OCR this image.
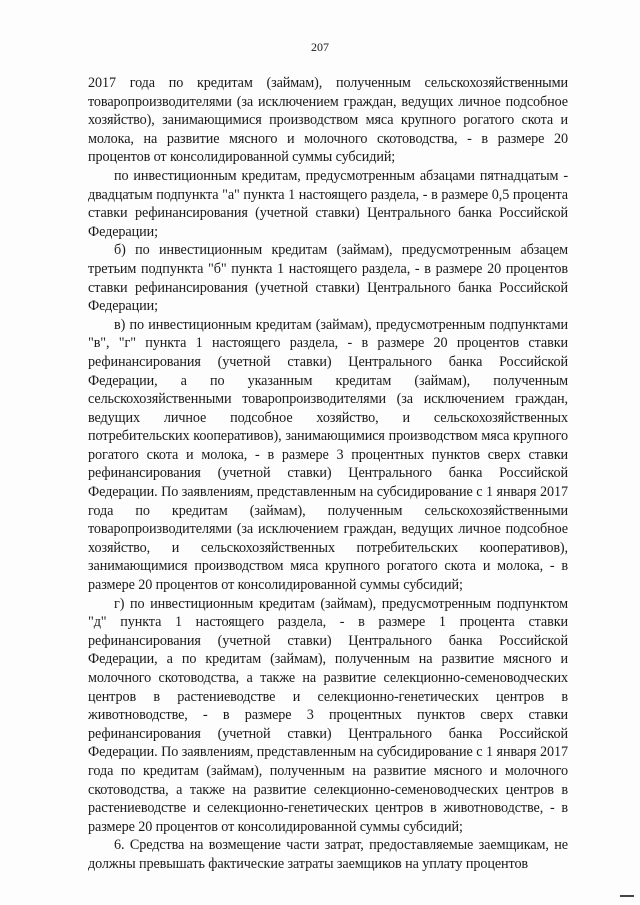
207

2017 года по кредитам (займам), полученным сельскохозяйственными товаропроизводителями (за исключением граждан, ведущих личное подсобное хозяйство), занимающимися производством мяса крупного рогатого скота и молока, на развитие мясного и молочного скотоводства, - в размере 20 процентов от консолидированной суммы субсидий;

по инвестиционным кредитам, предусмотренным абзацами пятнадцатым - двадцатым подпункта "а" пункта 1 настоящего раздела, - в размере 0,5 процента ставки рефинансирования (учетной ставки) Центрального банка Российской Федерации;

б) по инвестиционным кредитам (займам), предусмотренным абзацем третьим подпункта "б" пункта 1 настоящего раздела, - в размере 20 процентов ставки рефинансирования (учетной ставки) Центрального банка Российской Федерации;

в) по инвестиционным кредитам (займам), предусмотренным подпунктами "в", "г" пункта 1 настоящего раздела, - в размере 20 процентов ставки рефинансирования (учетной ставки) Центрального банка Российской Федерации, а по указанным кредитам (займам), полученным сельскохозяйственными товаропроизводителями (за исключением граждан, ведущих личное подсобное хозяйство, и сельскохозяйственных потребительских кооперативов), занимающимися производством мяса крупного рогатого скота и молока, - в размере 3 процентных пунктов сверх ставки рефинансирования (учетной ставки) Центрального банка Российской Федерации. По заявлениям, представленным на субсидирование с 1 января 2017 года по кредитам (займам), полученным сельскохозяйственными товаропроизводителями (за исключением граждан, ведущих личное подсобное хозяйство, и сельскохозяйственных потребительских кооперативов), занимающимися производством мяса крупного рогатого скота и молока, - в размере 20 процентов от консолидированной суммы субсидий;

г) по инвестиционным кредитам (займам), предусмотренным подпунктом "д" пункта 1 настоящего раздела, - в размере 1 процента ставки рефинансирования (учетной ставки) Центрального банка Российской Федерации, а по кредитам (займам), полученным на развитие мясного и молочного скотоводства, а также на развитие селекционно-семеноводческих центров в растениеводстве и селекционно-генетических центров в животноводстве, - в размере 3 процентных пунктов сверх ставки рефинансирования (учетной ставки) Центрального банка Российской Федерации. По заявлениям, представленным на субсидирование с 1 января 2017 года по кредитам (займам), полученным на развитие мясного и молочного скотоводства, а также на развитие селекционно-семеноводческих центров в растениеводстве и селекционно-генетических центров в животноводстве, - в размере 20 процентов от консолидированной суммы субсидий;

6. Средства на возмещение части затрат, предоставляемые заемщикам, не должны превышать фактические затраты заемщиков на уплату процентов
